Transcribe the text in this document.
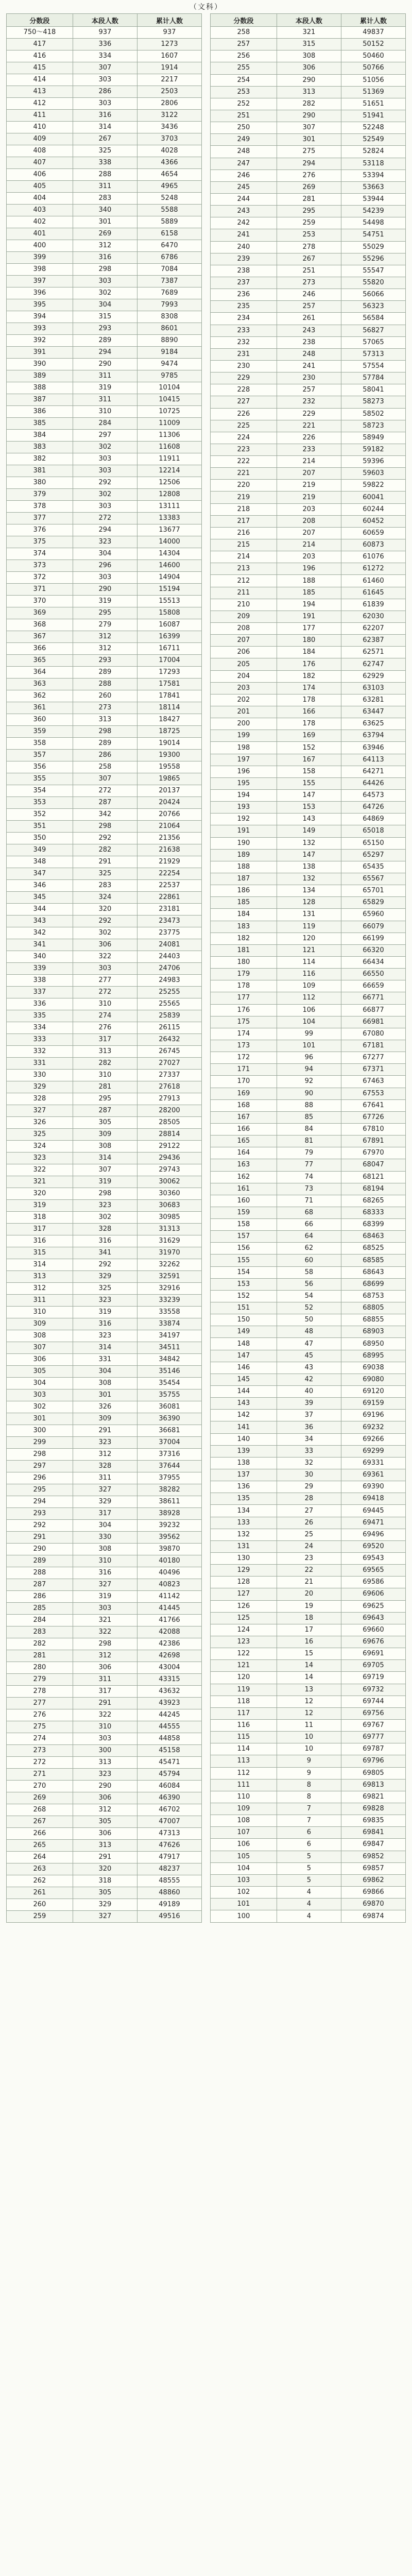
（文科）
分数段	本段人数	累计人数
750～418	937	937
417	336	1273
416	334	1607
415	307	1914
414	303	2217
413	286	2503
412	303	2806
411	316	3122
410	314	3436
409	267	3703
408	325	4028
407	338	4366
406	288	4654
405	311	4965
404	283	5248
403	340	5588
402	301	5889
401	269	6158
400	312	6470
399	316	6786
398	298	7084
397	303	7387
396	302	7689
395	304	7993
394	315	8308
393	293	8601
392	289	8890
391	294	9184
390	290	9474
389	311	9785
388	319	10104
387	311	10415
386	310	10725
385	284	11009
384	297	11306
383	302	11608
382	303	11911
381	303	12214
380	292	12506
379	302	12808
378	303	13111
377	272	13383
376	294	13677
375	323	14000
374	304	14304
373	296	14600
372	303	14904
371	290	15194
370	319	15513
369	295	15808
368	279	16087
367	312	16399
366	312	16711
365	293	17004
364	289	17293
363	288	17581
362	260	17841
361	273	18114
360	313	18427
359	298	18725
358	289	19014
357	286	19300
356	258	19558
355	307	19865
354	272	20137
353	287	20424
352	342	20766
351	298	21064
350	292	21356
349	282	21638
348	291	21929
347	325	22254
346	283	22537
345	324	22861
344	320	23181
343	292	23473
342	302	23775
341	306	24081
340	322	24403
339	303	24706
338	277	24983
337	272	25255
336	310	25565
335	274	25839
334	276	26115
333	317	26432
332	313	26745
331	282	27027
330	310	27337
329	281	27618
328	295	27913
327	287	28200
326	305	28505
325	309	28814
324	308	29122
323	314	29436
322	307	29743
321	319	30062
320	298	30360
319	323	30683
318	302	30985
317	328	31313
316	316	31629
315	341	31970
314	292	32262
313	329	32591
312	325	32916
311	323	33239
310	319	33558
309	316	33874
308	323	34197
307	314	34511
306	331	34842
305	304	35146
304	308	35454
303	301	35755
302	326	36081
301	309	36390
300	291	36681
299	323	37004
298	312	37316
297	328	37644
296	311	37955
295	327	38282
294	329	38611
293	317	38928
292	304	39232
291	330	39562
290	308	39870
289	310	40180
288	316	40496
287	327	40823
286	319	41142
285	303	41445
284	321	41766
283	322	42088
282	298	42386
281	312	42698
280	306	43004
279	311	43315
278	317	43632
277	291	43923
276	322	44245
275	310	44555
274	303	44858
273	300	45158
272	313	45471
271	323	45794
270	290	46084
269	306	46390
268	312	46702
267	305	47007
266	306	47313
265	313	47626
264	291	47917
263	320	48237
262	318	48555
261	305	48860
260	329	49189
259	327	49516
分数段	本段人数	累计人数
258	321	49837
257	315	50152
256	308	50460
255	306	50766
254	290	51056
253	313	51369
252	282	51651
251	290	51941
250	307	52248
249	301	52549
248	275	52824
247	294	53118
246	276	53394
245	269	53663
244	281	53944
243	295	54239
242	259	54498
241	253	54751
240	278	55029
239	267	55296
238	251	55547
237	273	55820
236	246	56066
235	257	56323
234	261	56584
233	243	56827
232	238	57065
231	248	57313
230	241	57554
229	230	57784
228	257	58041
227	232	58273
226	229	58502
225	221	58723
224	226	58949
223	233	59182
222	214	59396
221	207	59603
220	219	59822
219	219	60041
218	203	60244
217	208	60452
216	207	60659
215	214	60873
214	203	61076
213	196	61272
212	188	61460
211	185	61645
210	194	61839
209	191	62030
208	177	62207
207	180	62387
206	184	62571
205	176	62747
204	182	62929
203	174	63103
202	178	63281
201	166	63447
200	178	63625
199	169	63794
198	152	63946
197	167	64113
196	158	64271
195	155	64426
194	147	64573
193	153	64726
192	143	64869
191	149	65018
190	132	65150
189	147	65297
188	138	65435
187	132	65567
186	134	65701
185	128	65829
184	131	65960
183	119	66079
182	120	66199
181	121	66320
180	114	66434
179	116	66550
178	109	66659
177	112	66771
176	106	66877
175	104	66981
174	99	67080
173	101	67181
172	96	67277
171	94	67371
170	92	67463
169	90	67553
168	88	67641
167	85	67726
166	84	67810
165	81	67891
164	79	67970
163	77	68047
162	74	68121
161	73	68194
160	71	68265
159	68	68333
158	66	68399
157	64	68463
156	62	68525
155	60	68585
154	58	68643
153	56	68699
152	54	68753
151	52	68805
150	50	68855
149	48	68903
148	47	68950
147	45	68995
146	43	69038
145	42	69080
144	40	69120
143	39	69159
142	37	69196
141	36	69232
140	34	69266
139	33	69299
138	32	69331
137	30	69361
136	29	69390
135	28	69418
134	27	69445
133	26	69471
132	25	69496
131	24	69520
130	23	69543
129	22	69565
128	21	69586
127	20	69606
126	19	69625
125	18	69643
124	17	69660
123	16	69676
122	15	69691
121	14	69705
120	14	69719
119	13	69732
118	12	69744
117	12	69756
116	11	69767
115	10	69777
114	10	69787
113	9	69796
112	9	69805
111	8	69813
110	8	69821
109	7	69828
108	7	69835
107	6	69841
106	6	69847
105	5	69852
104	5	69857
103	5	69862
102	4	69866
101	4	69870
100	4	69874
